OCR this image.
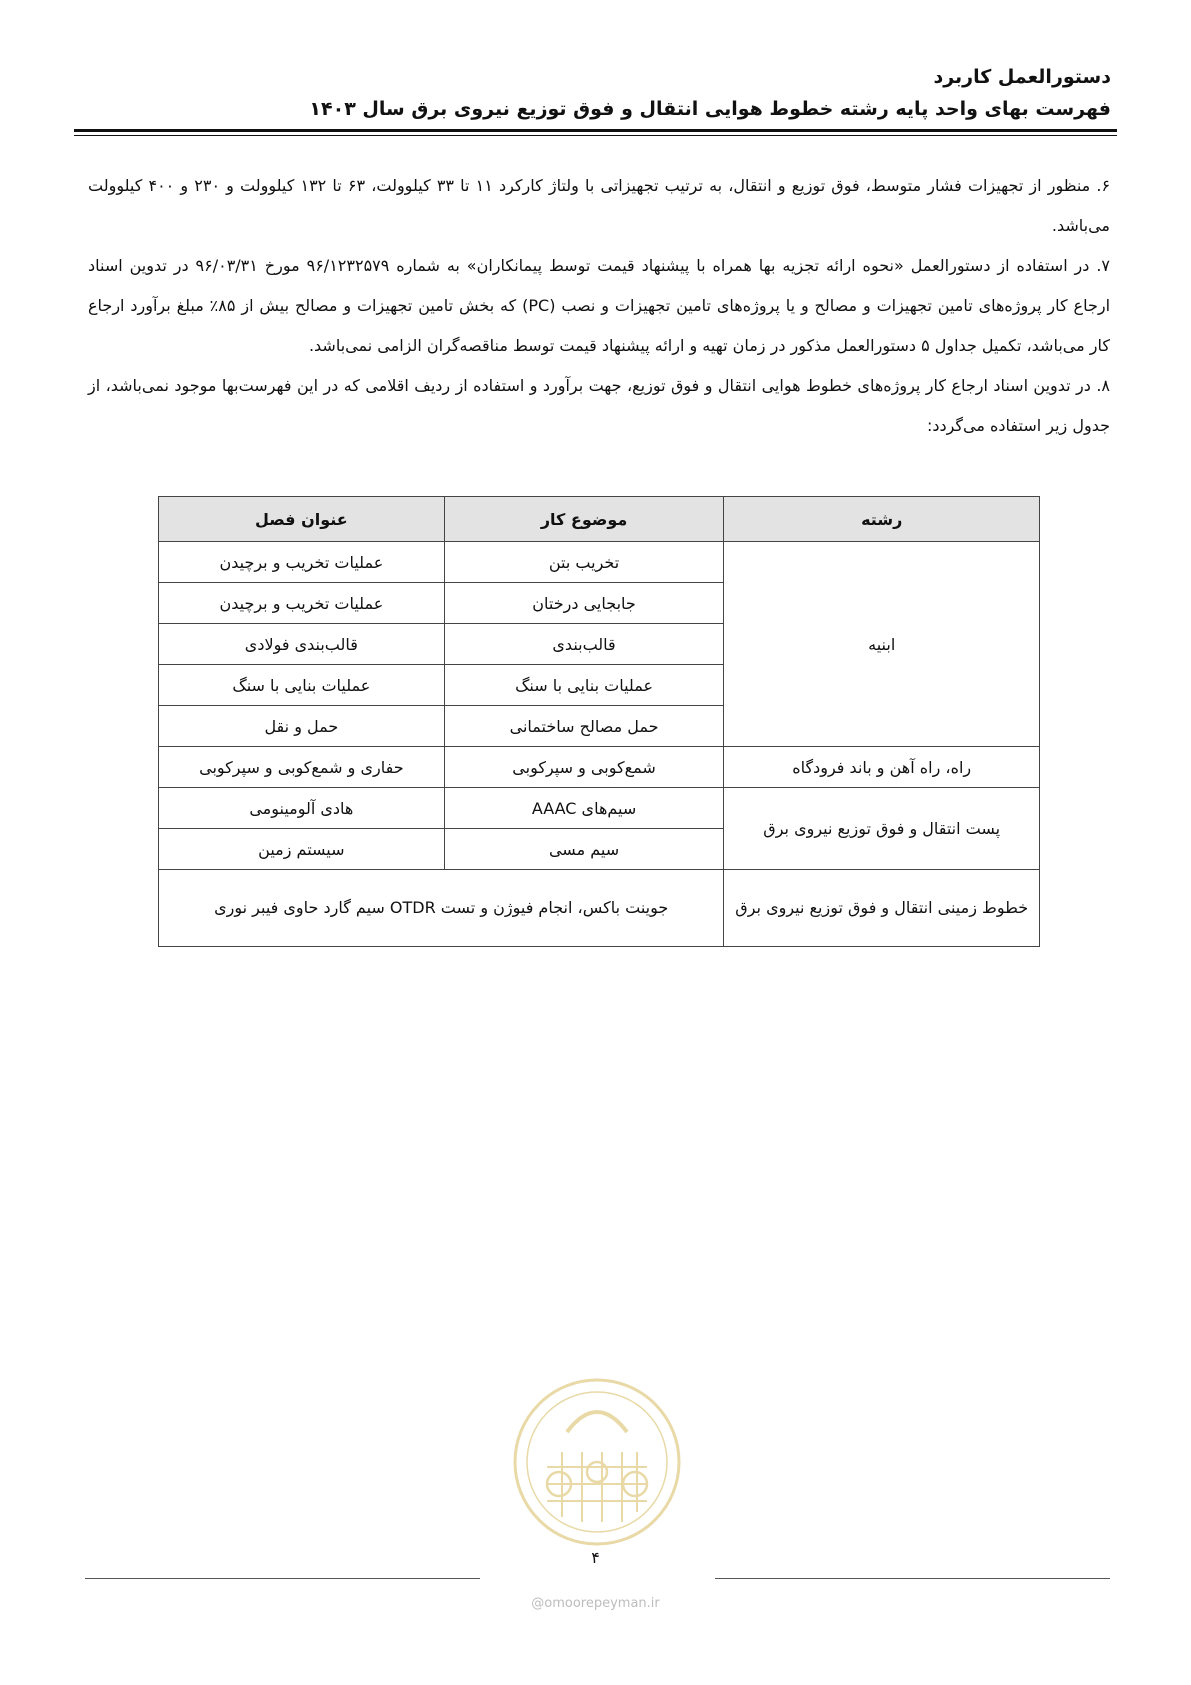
دستورالعمل کاربرد
فهرست بهای واحد پایه رشته خطوط هوایی انتقال و فوق توزیع نیروی برق سال ۱۴۰۳

۶. منظور از تجهیزات فشار متوسط، فوق توزیع و انتقال، به ترتیب تجهیزاتی با ولتاژ کارکرد ۱۱ تا ۳۳ کیلوولت، ۶۳ تا ۱۳۲ کیلوولت و ۲۳۰ و ۴۰۰ کیلوولت می‌باشد.

۷. در استفاده از دستورالعمل «نحوه ارائه تجزیه بها همراه با پیشنهاد قیمت توسط پیمانکاران» به شماره ۹۶/۱۲۳۲۵۷۹ مورخ ۹۶/۰۳/۳۱ در تدوین اسناد ارجاع کار پروژه‌های تامین تجهیزات و مصالح و یا پروژه‌های تامین تجهیزات و نصب (PC) که بخش تامین تجهیزات و مصالح بیش از ۸۵٪ مبلغ برآورد ارجاع کار می‌باشد، تکمیل جداول ۵ دستورالعمل مذکور در زمان تهیه و ارائه پیشنهاد قیمت توسط مناقصه‌گران الزامی نمی‌باشد.

۸. در تدوین اسناد ارجاع کار پروژه‌های خطوط هوایی انتقال و فوق توزیع، جهت برآورد و استفاده از ردیف اقلامی که در این فهرست‌بها موجود نمی‌باشد، از جدول زیر استفاده می‌گردد:

رشته	موضوع کار	عنوان فصل
ابنیه	تخریب بتن	عملیات تخریب و برچیدن
	جابجایی درختان	عملیات تخریب و برچیدن
	قالب‌بندی	قالب‌بندی فولادی
	عملیات بنایی با سنگ	عملیات بنایی با سنگ
	حمل مصالح ساختمانی	حمل و نقل
راه، راه آهن و باند فرودگاه	شمع‌کوبی و سپرکوبی	حفاری و شمع‌کوبی و سپرکوبی
پست انتقال و فوق توزیع نیروی برق	سیم‌های AAAC	هادی آلومینومی
	سیم مسی	سیستم زمین
خطوط زمینی انتقال و فوق توزیع نیروی برق	جوینت باکس، انجام فیوژن و تست OTDR سیم گارد حاوی فیبر نوری	
۴
@omoorepeyman.ir
